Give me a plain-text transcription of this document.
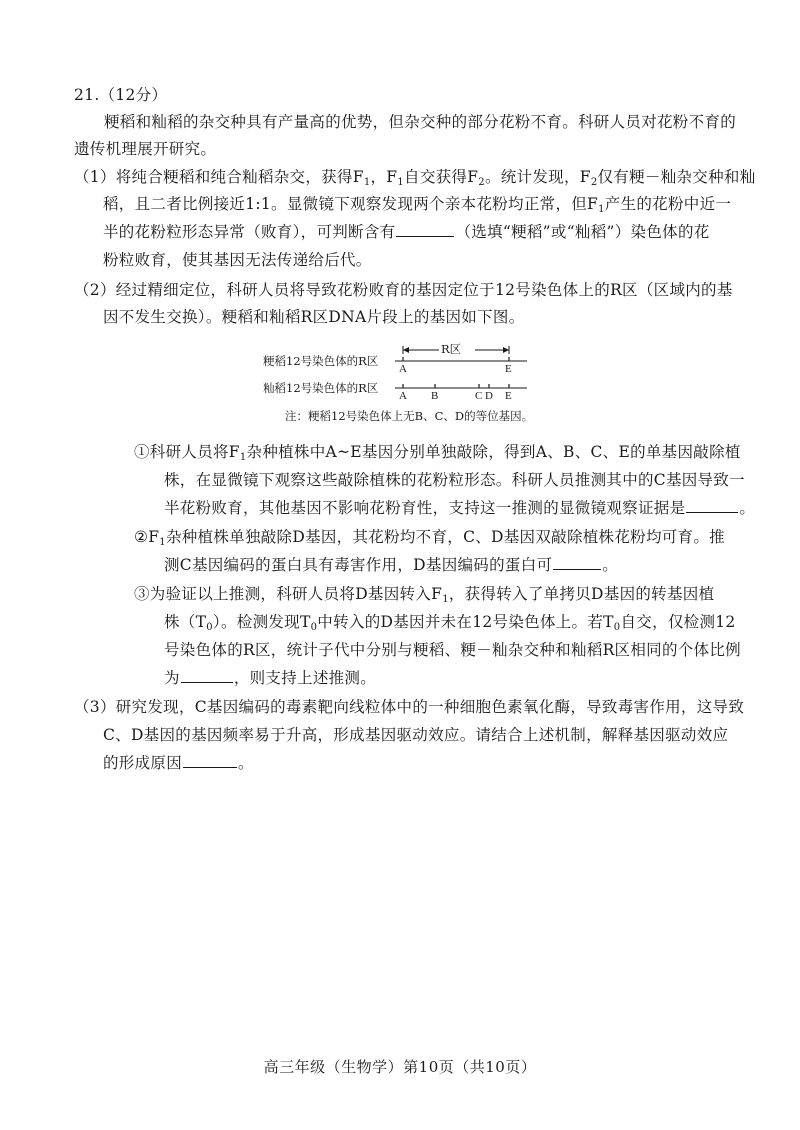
21.（12分）
粳稻和籼稻的杂交种具有产量高的优势，但杂交种的部分花粉不育。科研人员对花粉不育的
遗传机理展开研究。
（1）将纯合粳稻和纯合籼稻杂交，获得$F_1$，$F_1$自交获得$F_2$。统计发现，$F_2$仅有粳－籼杂交种和籼
稻，且二者比例接近1:1。显微镜下观察发现两个亲本花粉均正常，但$F_1$产生的花粉中近一
半的花粉粒形态异常（败育），可判断含有	（选填“粳稻”或“籼稻”）染色体的花
粉粒败育，使其基因无法传递给后代。
（2）经过精细定位，科研人员将导致花粉败育的基因定位于12号染色体上的R区（区域内的基
因不发生交换）。粳稻和籼稻R区DNA片段上的基因如下图。
R区
粳稻12号染色体的R区
籼稻12号染色体的R区
A	E
A B	C D E
注：粳稻12号染色体上无B、C、D的等位基因。
①科研人员将$F_1$杂种植株中A~E基因分别单独敲除，得到A、B、C、E的单基因敲除植
株，在显微镜下观察这些敲除植株的花粉粒形态。科研人员推测其中的C基因导致一
半花粉败育，其他基因不影响花粉育性，支持这一推测的显微镜观察证据是	。
$②F_1$杂种植株单独敲除D基因，其花粉均不育，C、D基因双敲除植株花粉均可育。推
测C基因编码的蛋白具有毒害作用，D基因编码的蛋白可	。
③为验证以上推测，科研人员将D基因转入$F_1$，获得转入了单拷贝D基因的转基因植
株$(T_0)$。检测发现$T_0$中转入的D基因并未在12号染色体上。若$T_0$自交，仅检测12
号染色体的R区，统计子代中分别与粳稻、粳－籼杂交种和籼稻R区相同的个体比例
为	，则支持上述推测。
（3）研究发现，C基因编码的毒素靶向线粒体中的一种细胞色素氧化酶，导致毒害作用，这导致
C、D基因的基因频率易于升高，形成基因驱动效应。请结合上述机制，解释基因驱动效应
的形成原因	。
高三年级（生物学）第10页（共10页）
